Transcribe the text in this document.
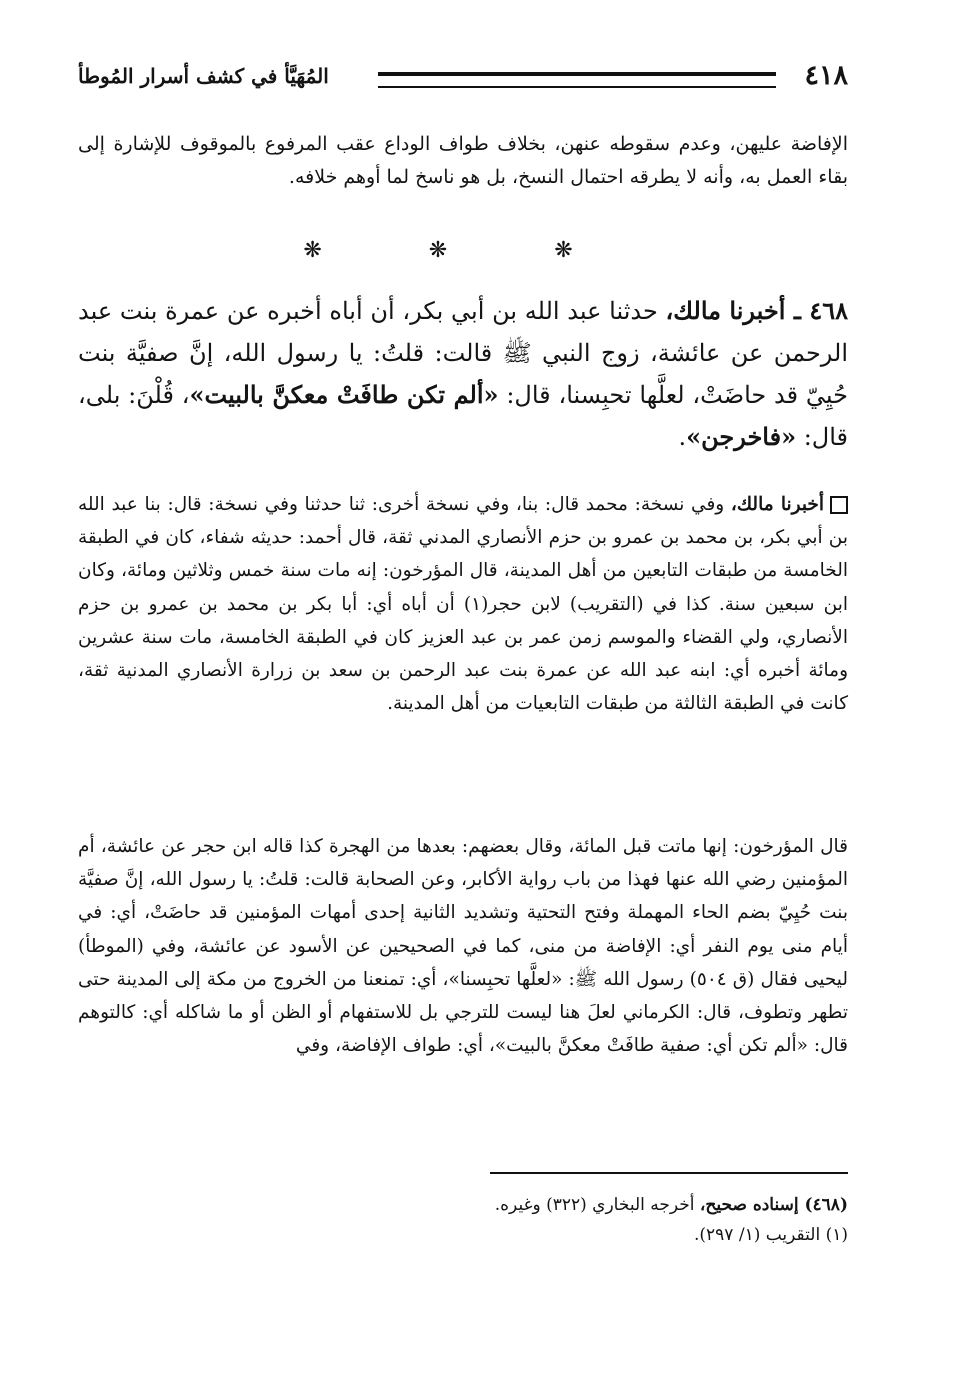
٤١٨
المُهَيَّأ في كشف أسرار المُوطأ

الإفاضة عليهن، وعدم سقوطه عنهن، بخلاف طواف الوداع عقب المرفوع بالموقوف للإشارة إلى بقاء العمل به، وأنه لا يطرقه احتمال النسخ، بل هو ناسخ لما أوهم خلافه.

❋ ❋ ❋

٤٦٨ ـ أخبرنا مالك، حدثنا عبد الله بن أبي بكر، أن أباه أخبره عن عمرة بنت عبد الرحمن عن عائشة، زوج النبي ﷺ قالت: قلتُ: يا رسول الله، إنَّ صفيَّة بنت حُيِيّ قد حاضَتْ، لعلَّها تحبِسنا، قال: «ألم تكن طافَتْ معكنَّ بالبيت»، قُلْنَ: بلى، قال: «فاخرجن».

أخبرنا مالك، وفي نسخة: محمد قال: بنا، وفي نسخة أخرى: ثنا حدثنا وفي نسخة: قال: بنا عبد الله بن أبي بكر، بن محمد بن عمرو بن حزم الأنصاري المدني ثقة، قال أحمد: حديثه شفاء، كان في الطبقة الخامسة من طبقات التابعين من أهل المدينة، قال المؤرخون: إنه مات سنة خمس وثلاثين ومائة، وكان ابن سبعين سنة. كذا في (التقريب) لابن حجر(١) أن أباه أي: أبا بكر بن محمد بن عمرو بن حزم الأنصاري، ولي القضاء والموسم زمن عمر بن عبد العزيز كان في الطبقة الخامسة، مات سنة عشرين ومائة أخبره أي: ابنه عبد الله عن عمرة بنت عبد الرحمن بن سعد بن زرارة الأنصاري المدنية ثقة، كانت في الطبقة الثالثة من طبقات التابعيات من أهل المدينة.

قال المؤرخون: إنها ماتت قبل المائة، وقال بعضهم: بعدها من الهجرة كذا قاله ابن حجر عن عائشة، أم المؤمنين رضي الله عنها فهذا من باب رواية الأكابر، وعن الصحابة قالت: قلتُ: يا رسول الله، إنَّ صفيَّة بنت حُيِيّ بضم الحاء المهملة وفتح التحتية وتشديد الثانية إحدى أمهات المؤمنين قد حاضَتْ، أي: في أيام منى يوم النفر أي: الإفاضة من منى، كما في الصحيحين عن الأسود عن عائشة، وفي (الموطأ) ليحيى فقال (ق ٥٠٤) رسول الله ﷺ: «لعلَّها تحبِسنا»، أي: تمنعنا من الخروج من مكة إلى المدينة حتى تطهر وتطوف، قال: الكرماني لعلَ هنا ليست للترجي بل للاستفهام أو الظن أو ما شاكله أي: كالتوهم قال: «ألم تكن أي: صفية طافَتْ معكنَّ بالبيت»، أي: طواف الإفاضة، وفي

(٤٦٨) إسناده صحيح، أخرجه البخاري (٣٢٢) وغيره.

(١) التقريب (١/ ٢٩٧).
